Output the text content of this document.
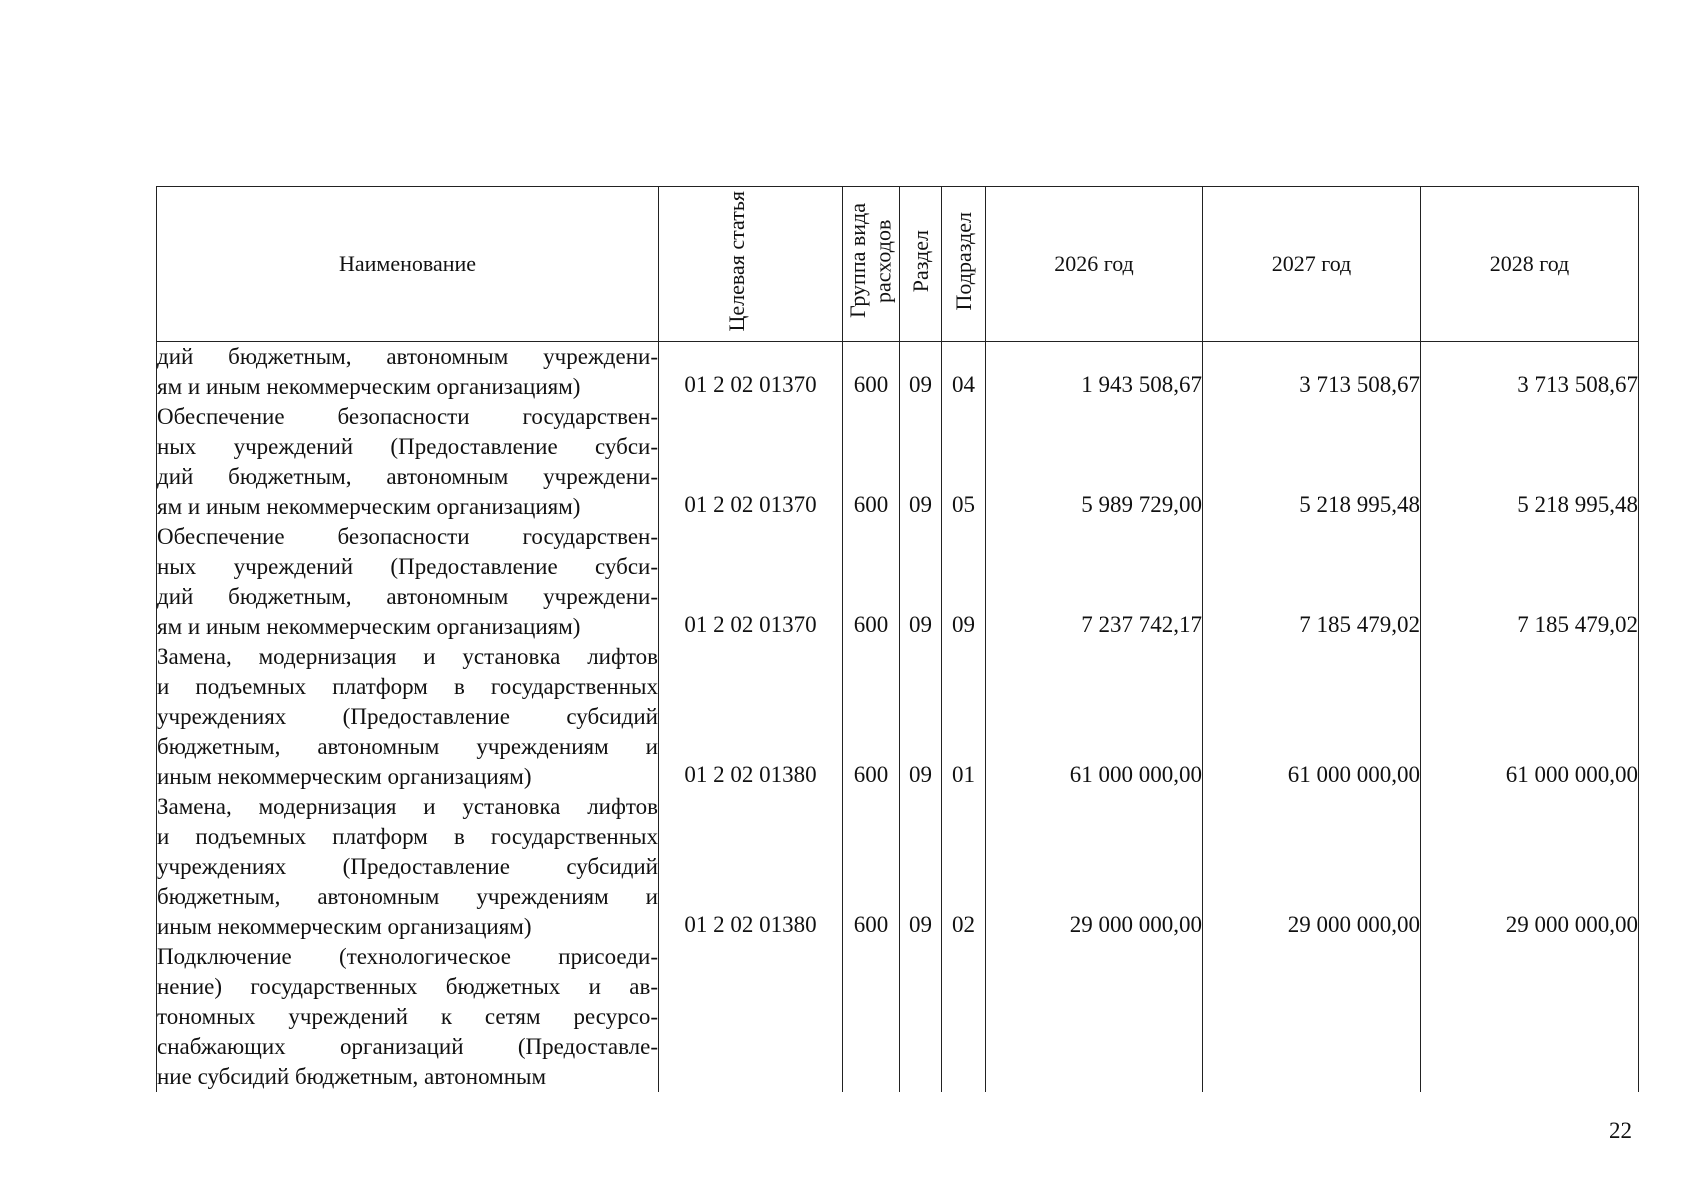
Наименование	Целевая статья	Группа вида расходов	Раздел	Подраздел	2026 год	2027 год	2028 год

дий бюджетным, автономным учреждени-
ям и иным некоммерческим организациям)	01 2 02 01370	600	09	04	1 943 508,67	3 713 508,67	3 713 508,67

Обеспечение безопасности государствен-
ных учреждений (Предоставление субси-
дий бюджетным, автономным учреждени-
ям и иным некоммерческим организациям)	01 2 02 01370	600	09	05	5 989 729,00	5 218 995,48	5 218 995,48

Обеспечение безопасности государствен-
ных учреждений (Предоставление субси-
дий бюджетным, автономным учреждени-
ям и иным некоммерческим организациям)	01 2 02 01370	600	09	09	7 237 742,17	7 185 479,02	7 185 479,02

Замена, модернизация и установка лифтов
и подъемных платформ в государственных
учреждениях (Предоставление субсидий
бюджетным, автономным учреждениям и
иным некоммерческим организациям)	01 2 02 01380	600	09	01	61 000 000,00	61 000 000,00	61 000 000,00

Замена, модернизация и установка лифтов
и подъемных платформ в государственных
учреждениях (Предоставление субсидий
бюджетным, автономным учреждениям и
иным некоммерческим организациям)	01 2 02 01380	600	09	02	29 000 000,00	29 000 000,00	29 000 000,00

Подключение (технологическое присоеди-
нение) государственных бюджетных и ав-
тономных учреждений к сетям ресурсо-
снабжающих организаций (Предоставле-
ние субсидий бюджетным, автономным							

22
